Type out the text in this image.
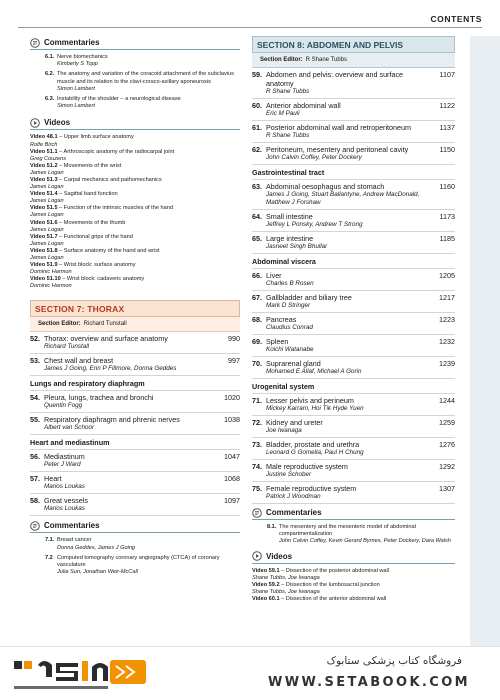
CONTENTS
Commentaries
6.1. Nerve biomechanics
Kimberly S Topp
6.2. The anatomy and variation of the coracoid attachment of the subclavius muscle and its relation to the clavi-coraco-axillary aponeurosis
Simon Lambert
6.3. Instability of the shoulder – a neurological disease
Simon Lambert
Videos
Video 48.1 – Upper limb surface anatomy
Rolfe Birch
Video 51.1 – Arthroscopic anatomy of the radiocarpal joint
Greg Couzens
Video 51.2 – Movements of the wrist
James Logan
Video 51.3 – Carpal mechanics and pathomechanics
James Logan
Video 51.4 – Sagittal band function
James Logan
Video 51.5 – Function of the intrinsic muscles of the hand
James Logan
Video 51.6 – Movements of the thumb
James Logan
Video 51.7 – Functional grips of the hand
James Logan
Video 51.8 – Surface anatomy of the hand and wrist
James Logan
Video 51.9 – Wrist block: surface anatomy
Dominic Harmon
Video 51.10 – Wrist block: cadaveric anatomy
Dominic Harmon
SECTION 7: THORAX
Section Editor: Richard Tunstall
52. Thorax: overview and surface anatomy
Richard Tunstall
990
53. Chest wall and breast
James J Going, Erin P Fillmore, Donna Geddes
997
Lungs and respiratory diaphragm
54. Pleura, lungs, trachea and bronchi
Quentin Fogg
1020
55. Respiratory diaphragm and phrenic nerves
Albert van Schoor
1038
Heart and mediastinum
56. Mediastinum
Peter J Ward
1047
57. Heart
Marios Loukas
1068
58. Great vessels
Marios Loukas
1097
Commentaries
7.1. Breast cancer
Donna Geddes, James J Going
7.2 Computed tomography coronary angiography (CTCA) of coronary vasculature
Julia Sun, Jonathan Weir-McCall
SECTION 8: ABDOMEN AND PELVIS
Section Editor: R Shane Tubbs
59. Abdomen and pelvis: overview and surface anatomy
R Shane Tubbs
1107
60. Anterior abdominal wall
Eric M Pauli
1122
61. Posterior abdominal wall and retroperitoneum
R Shane Tubbs
1137
62. Peritoneum, mesentery and peritoneal cavity
John Calvin Coffey, Peter Dockery
1150
Gastrointestinal tract
63. Abdominal oesophagus and stomach
James J Going, Stuart Ballantyne, Andrew MacDonald, Matthew J Forshaw
1160
64. Small intestine
Jeffrey L Ponsky, Andrew T Strong
1173
65. Large intestine
Jasneet Singh Bhullar
1185
Abdominal viscera
66. Liver
Charles B Rosen
1205
67. Gallbladder and biliary tree
Mark D Stringer
1217
68. Pancreas
Claudius Conrad
1223
69. Spleen
Koichi Watanabe
1232
70. Suprarenal gland
Mohamed E Allaf, Michael A Gorin
1239
Urogenital system
71. Lesser pelvis and perineum
Mickey Karram, Hoi Tik Hyde Yuen
1244
72. Kidney and ureter
Joe Iwanaga
1259
73. Bladder, prostate and urethra
Leonard G Gomella, Paul H Chung
1276
74. Male reproductive system
Justine Schober
1292
75. Female reproductive system
Patrick J Woodman
1307
Commentaries
8.1. The mesentery and the mesenteric model of abdominal compartmentalization
John Calvin Coffey, Kevin Gerard Byrnes, Peter Dockery, Dara Walsh
Videos
Video 59.1 – Dissection of the posterior abdominal wall
Shane Tubbs, Joe Iwanaga
Video 59.2 – Dissection of the lumbosacral junction
Shane Tubbs, Joe Iwanaga
Video 60.1 – Dissection of the anterior abdominal wall
فروشگاه کتاب پزشکی ستابوک
WWW.SETABOOK.COM
